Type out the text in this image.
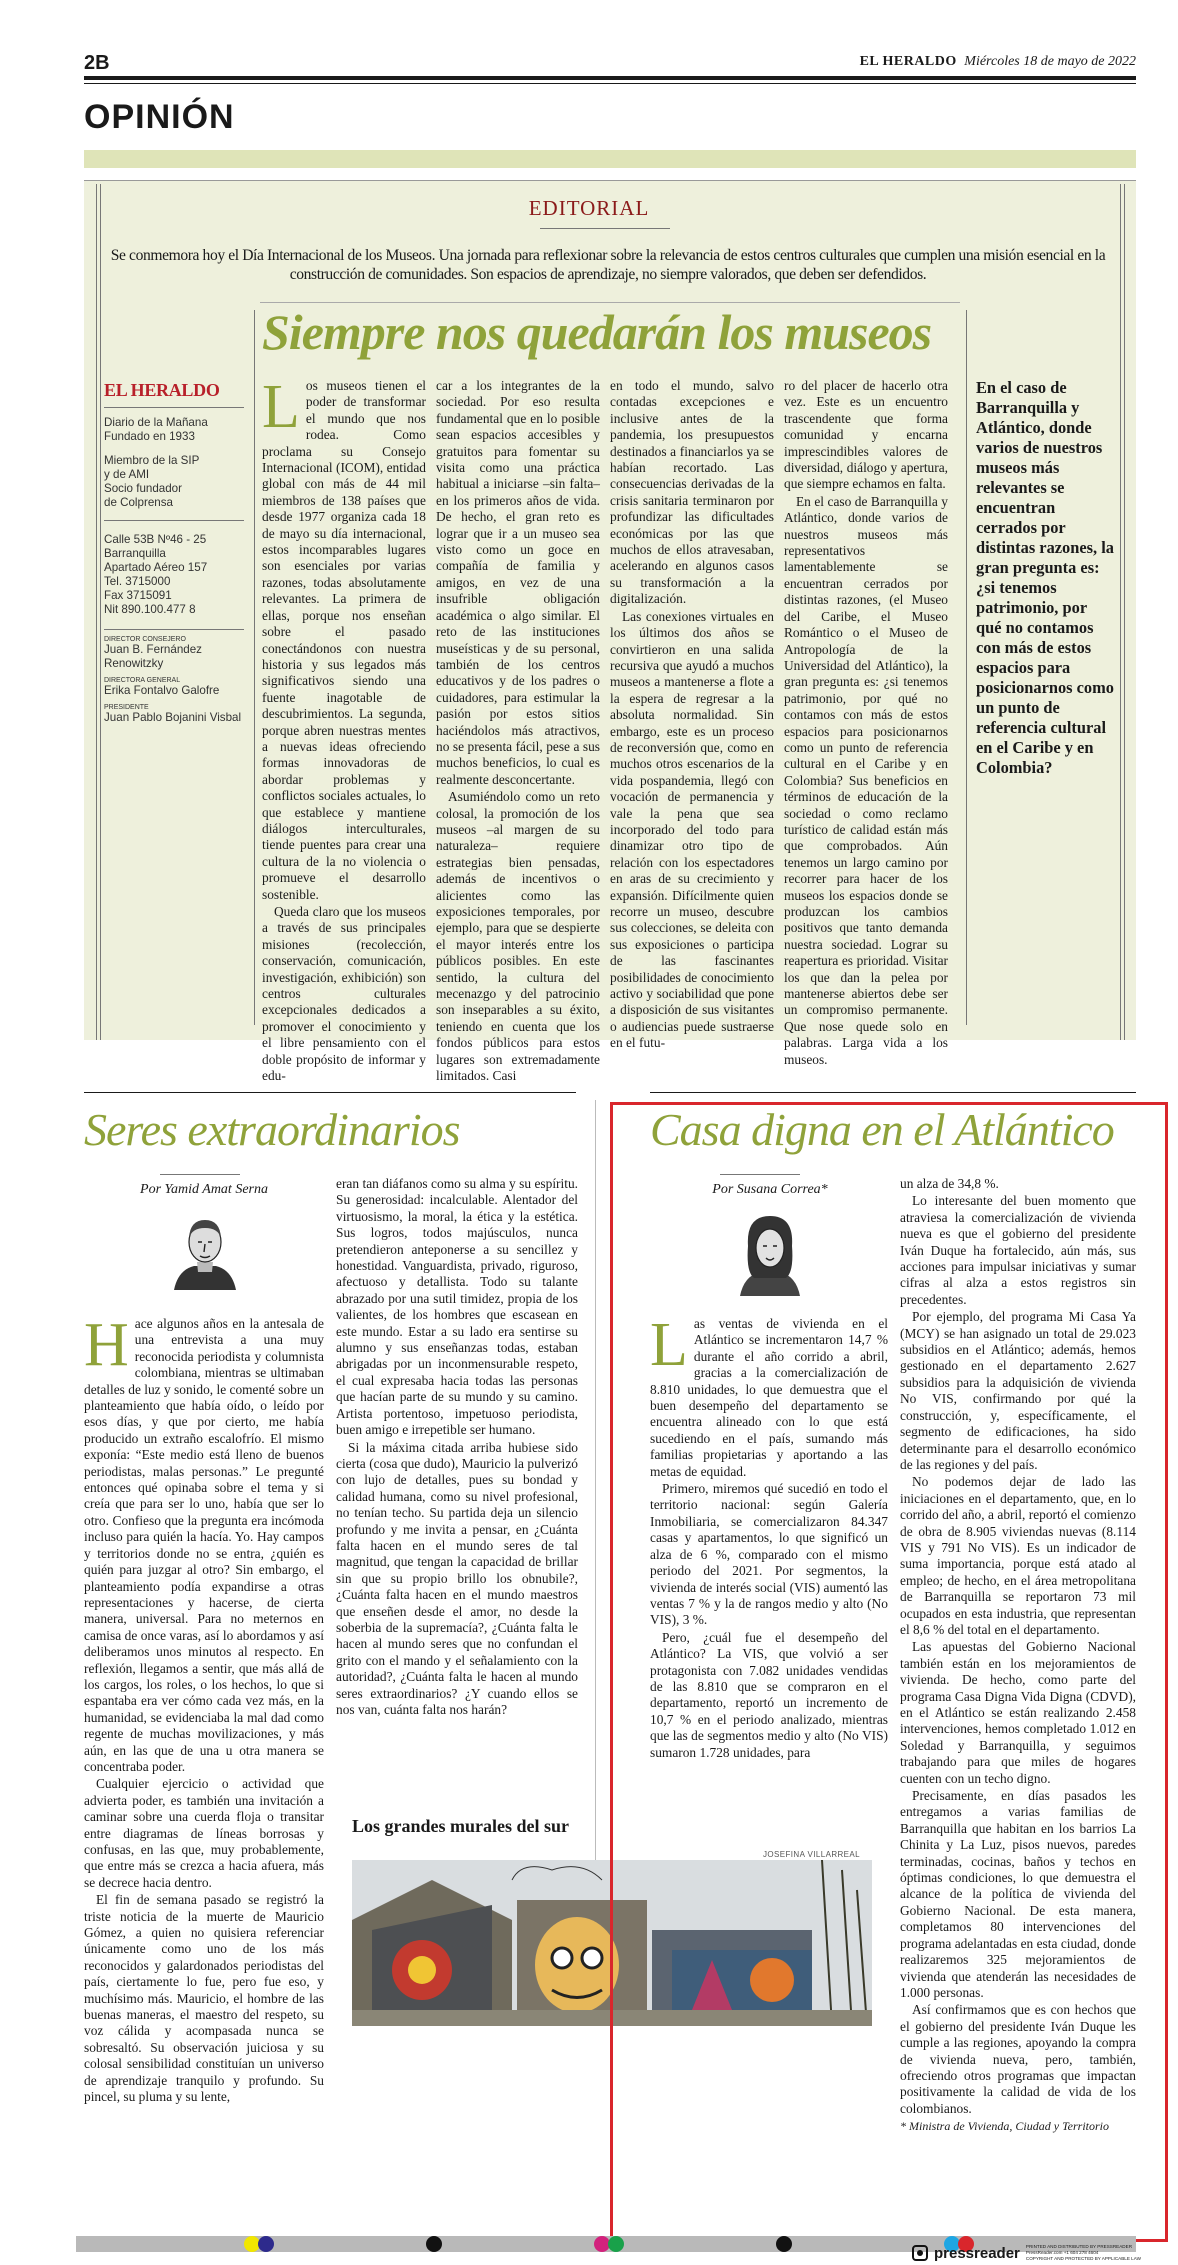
2B	EL HERALDO Miércoles 18 de mayo de 2022
OPINIÓN
EDITORIAL
Se conmemora hoy el Día Internacional de los Museos. Una jornada para reflexionar sobre la relevancia de estos centros culturales que cumplen una misión esencial en la construcción de comunidades. Son espacios de aprendizaje, no siempre valorados, que deben ser defendidos.
Siempre nos quedarán los museos
EL HERALDO
Diario de la Mañana
Fundado en 1933
Miembro de la SIP
y de AMI
Socio fundador
de Colprensa
Calle 53B Nº46 - 25
Barranquilla
Apartado Aéreo 157
Tel. 3715000
Fax 3715091
Nit 890.100.477 8
DIRECTOR CONSEJERO
Juan B. Fernández Renowitzky
DIRECTORA GENERAL
Erika Fontalvo Galofre
PRESIDENTE
Juan Pablo Bojanini Visbal
L os museos tienen el poder de transformar el mundo que nos rodea. Como proclama su Consejo Internacional (ICOM), entidad global con más de 44 mil miembros de 138 países que desde 1977 organiza cada 18 de mayo su día internacional, estos incomparables lugares son esenciales por varias razones, todas absolutamente relevantes. La primera de ellas, porque nos enseñan sobre el pasado conectándonos con nuestra historia y sus legados más significativos siendo una fuente inagotable de descubrimientos. La segunda, porque abren nuestras mentes a nuevas ideas ofreciendo formas innovadoras de abordar problemas y conflictos sociales actuales, lo que establece y mantiene diálogos interculturales, tiende puentes para crear una cultura de la no violencia o promueve el desarrollo sostenible.

Queda claro que los museos a través de sus principales misiones (recolección, conservación, comunicación, investigación, exhibición) son centros culturales excepcionales dedicados a promover el conocimiento y el libre pensamiento con el doble propósito de informar y edu-

car a los integrantes de la sociedad. Por eso resulta fundamental que en lo posible sean espacios accesibles y gratuitos para fomentar su visita como una práctica habitual a iniciarse –sin falta– en los primeros años de vida. De hecho, el gran reto es lograr que ir a un museo sea visto como un goce en compañía de familia y amigos, en vez de una insufrible obligación académica o algo similar. El reto de las instituciones museísticas y de su personal, también de los centros educativos y de los padres o cuidadores, para estimular la pasión por estos sitios haciéndolos más atractivos, no se presenta fácil, pese a sus muchos beneficios, lo cual es realmente desconcertante.

Asumiéndolo como un reto colosal, la promoción de los museos –al margen de su naturaleza– requiere estrategias bien pensadas, además de incentivos o alicientes como las exposiciones temporales, por ejemplo, para que se despierte el mayor interés entre los públicos posibles. En este sentido, la cultura del mecenazgo y del patrocinio son inseparables a su éxito, teniendo en cuenta que los fondos públicos para estos lugares son extremadamente limitados. Casi

en todo el mundo, salvo contadas excepciones e inclusive antes de la pandemia, los presupuestos destinados a financiarlos ya se habían recortado. Las consecuencias derivadas de la crisis sanitaria terminaron por profundizar las dificultades económicas por las que muchos de ellos atravesaban, acelerando en algunos casos su transformación a la digitalización.

Las conexiones virtuales en los últimos dos años se convirtieron en una salida recursiva que ayudó a muchos museos a mantenerse a flote a la espera de regresar a la absoluta normalidad. Sin embargo, este es un proceso de reconversión que, como en muchos otros escenarios de la vida pospandemia, llegó con vocación de permanencia y vale la pena que sea incorporado del todo para dinamizar otro tipo de relación con los espectadores en aras de su crecimiento y expansión. Difícilmente quien recorre un museo, descubre sus colecciones, se deleita con sus exposiciones o participa de las fascinantes posibilidades de conocimiento activo y sociabilidad que pone a disposición de sus visitantes o audiencias puede sustraerse en el futu-

ro del placer de hacerlo otra vez. Este es un encuentro trascendente que forma comunidad y encarna imprescindibles valores de diversidad, diálogo y apertura, que siempre echamos en falta.

En el caso de Barranquilla y Atlántico, donde varios de nuestros museos más representativos lamentablemente se encuentran cerrados por distintas razones, (el Museo del Caribe, el Museo Romántico o el Museo de Antropología de la Universidad del Atlántico), la gran pregunta es: ¿si tenemos patrimonio, por qué no contamos con más de estos espacios para posicionarnos como un punto de referencia cultural en el Caribe y en Colombia? Sus beneficios en términos de educación de la sociedad o como reclamo turístico de calidad están más que comprobados. Aún tenemos un largo camino por recorrer para hacer de los museos los espacios donde se produzcan los cambios positivos que tanto demanda nuestra sociedad. Lograr su reapertura es prioridad. Visitar los que dan la pelea por mantenerse abiertos debe ser un compromiso permanente. Que nose quede solo en palabras. Larga vida a los museos.

En el caso de Barranquilla y Atlántico, donde varios de nuestros museos más relevantes se encuentran cerrados por distintas razones, la gran pregunta es: ¿si tenemos patrimonio, por qué no contamos con más de estos espacios para posicionarnos como un punto de referencia cultural en el Caribe y en Colombia?
Seres extraordinarios
Por Yamid Amat Serna
H ace algunos años en la antesala de una entrevista a una muy reconocida periodista y columnista colombiana, mientras se ultimaban detalles de luz y sonido, le comenté sobre un planteamiento que había oído, o leído por esos días, y que por cierto, me había producido un extraño escalofrío. El mismo exponía: “Este medio está lleno de buenos periodistas, malas personas.” Le pregunté entonces qué opinaba sobre el tema y si creía que para ser lo uno, había que ser lo otro. Confieso que la pregunta era incómoda incluso para quién la hacía. Yo. Hay campos y territorios donde no se entra, ¿quién es quién para juzgar al otro? Sin embargo, el planteamiento podía expandirse a otras representaciones y hacerse, de cierta manera, universal. Para no meternos en camisa de once varas, así lo abordamos y así deliberamos unos minutos al respecto. En reflexión, llegamos a sentir, que más allá de los cargos, los roles, o los hechos, lo que si espantaba era ver cómo cada vez más, en la humanidad, se evidenciaba la mal dad como regente de muchas movilizaciones, y más aún, en las que de una u otra manera se concentraba poder.

Cualquier ejercicio o actividad que advierta poder, es también una invitación a caminar sobre una cuerda floja o transitar entre diagramas de líneas borrosas y confusas, en las que, muy probablemente, que entre más se crezca a hacia afuera, más se decrece hacia dentro.

El fin de semana pasado se registró la triste noticia de la muerte de Mauricio Gómez, a quien no quisiera referenciar únicamente como uno de los más reconocidos y galardonados periodistas del país, ciertamente lo fue, pero fue eso, y muchísimo más. Mauricio, el hombre de las buenas maneras, el maestro del respeto, su voz cálida y acompasada nunca se sobresaltó. Su observación juiciosa y su colosal sensibilidad constituían un universo de aprendizaje tranquilo y profundo. Su pincel, su pluma y su lente,

eran tan diáfanos como su alma y su espíritu. Su generosidad: incalculable. Alentador del virtuosismo, la moral, la ética y la estética. Sus logros, todos majúsculos, nunca pretendieron anteponerse a su sencillez y honestidad. Vanguardista, privado, riguroso, afectuoso y detallista. Todo su talante abrazado por una sutil timidez, propia de los valientes, de los hombres que escasean en este mundo. Estar a su lado era sentirse su alumno y sus enseñanzas todas, estaban abrigadas por un inconmensurable respeto, el cual expresaba hacia todas las personas que hacían parte de su mundo y su camino. Artista portentoso, impetuoso periodista, buen amigo e irrepetible ser humano.

Si la máxima citada arriba hubiese sido cierta (cosa que dudo), Mauricio la pulverizó con lujo de detalles, pues su bondad y calidad humana, como su nivel profesional, no tenían techo. Su partida deja un silencio profundo y me invita a pensar, en ¿Cuánta falta hacen en el mundo seres de tal magnitud, que tengan la capacidad de brillar sin que su propio brillo los obnubile?, ¿Cuánta falta hacen en el mundo maestros que enseñen desde el amor, no desde la soberbia de la supremacía?, ¿Cuánta falta le hacen al mundo seres que no confundan el grito con el mando y el señalamiento con la autoridad?, ¿Cuánta falta le hacen al mundo seres extraordinarios? ¿Y cuando ellos se nos van, cuánta falta nos harán?

Los grandes murales del sur
JOSEFINA VILLARREAL
Casa digna en el Atlántico
Por Susana Correa*
L as ventas de vivienda en el Atlántico se incrementaron 14,7 % durante el año corrido a abril, gracias a la comercialización de 8.810 unidades, lo que demuestra que el buen desempeño del departamento se encuentra alineado con lo que está sucediendo en el país, sumando más familias propietarias y aportando a las metas de equidad.

Primero, miremos qué sucedió en todo el territorio nacional: según Galería Inmobiliaria, se comercializaron 84.347 casas y apartamentos, lo que significó un alza de 6 %, comparado con el mismo periodo del 2021. Por segmentos, la vivienda de interés social (VIS) aumentó las ventas 7 % y la de rangos medio y alto (No VIS), 3 %.

Pero, ¿cuál fue el desempeño del Atlántico? La VIS, que volvió a ser protagonista con 7.082 unidades vendidas de las 8.810 que se compraron en el departamento, reportó un incremento de 10,7 % en el periodo analizado, mientras que las de segmentos medio y alto (No VIS) sumaron 1.728 unidades, para

un alza de 34,8 %.

Lo interesante del buen momento que atraviesa la comercialización de vivienda nueva es que el gobierno del presidente Iván Duque ha fortalecido, aún más, sus acciones para impulsar iniciativas y sumar cifras al alza a estos registros sin precedentes.

Por ejemplo, del programa Mi Casa Ya (MCY) se han asignado un total de 29.023 subsidios en el Atlántico; además, hemos gestionado en el departamento 2.627 subsidios para la adquisición de vivienda No VIS, confirmando por qué la construcción, y, específicamente, el segmento de edificaciones, ha sido determinante para el desarrollo económico de las regiones y del país.

No podemos dejar de lado las iniciaciones en el departamento, que, en lo corrido del año, a abril, reportó el comienzo de obra de 8.905 viviendas nuevas (8.114 VIS y 791 No VIS). Es un indicador de suma importancia, porque está atado al empleo; de hecho, en el área metropolitana de Barranquilla se reportaron 73 mil ocupados en esta industria, que representan el 8,6 % del total en el departamento.

Las apuestas del Gobierno Nacional también están en los mejoramientos de vivienda. De hecho, como parte del programa Casa Digna Vida Digna (CDVD), en el Atlántico se están realizando 2.458 intervenciones, hemos completado 1.012 en Soledad y Barranquilla, y seguimos trabajando para que miles de hogares cuenten con un techo digno.

Precisamente, en días pasados les entregamos a varias familias de Barranquilla que habitan en los barrios La Chinita y La Luz, pisos nuevos, paredes terminadas, cocinas, baños y techos en óptimas condiciones, lo que demuestra el alcance de la política de vivienda del Gobierno Nacional. De esta manera, completamos 80 intervenciones del programa adelantadas en esta ciudad, donde realizaremos 325 mejoramientos de vivienda que atenderán las necesidades de 1.000 personas.

Así confirmamos que es con hechos que el gobierno del presidente Iván Duque les cumple a las regiones, apoyando la compra de vivienda nueva, pero, también, ofreciendo otros programas que impactan positivamente la calidad de vida de los colombianos.

* Ministra de Vivienda, Ciudad y Territorio
pressreader PRINTED AND DISTRIBUTED BY PRESSREADER
PressReader.com +1 604 278 4604
COPYRIGHT AND PROTECTED BY APPLICABLE LAW
